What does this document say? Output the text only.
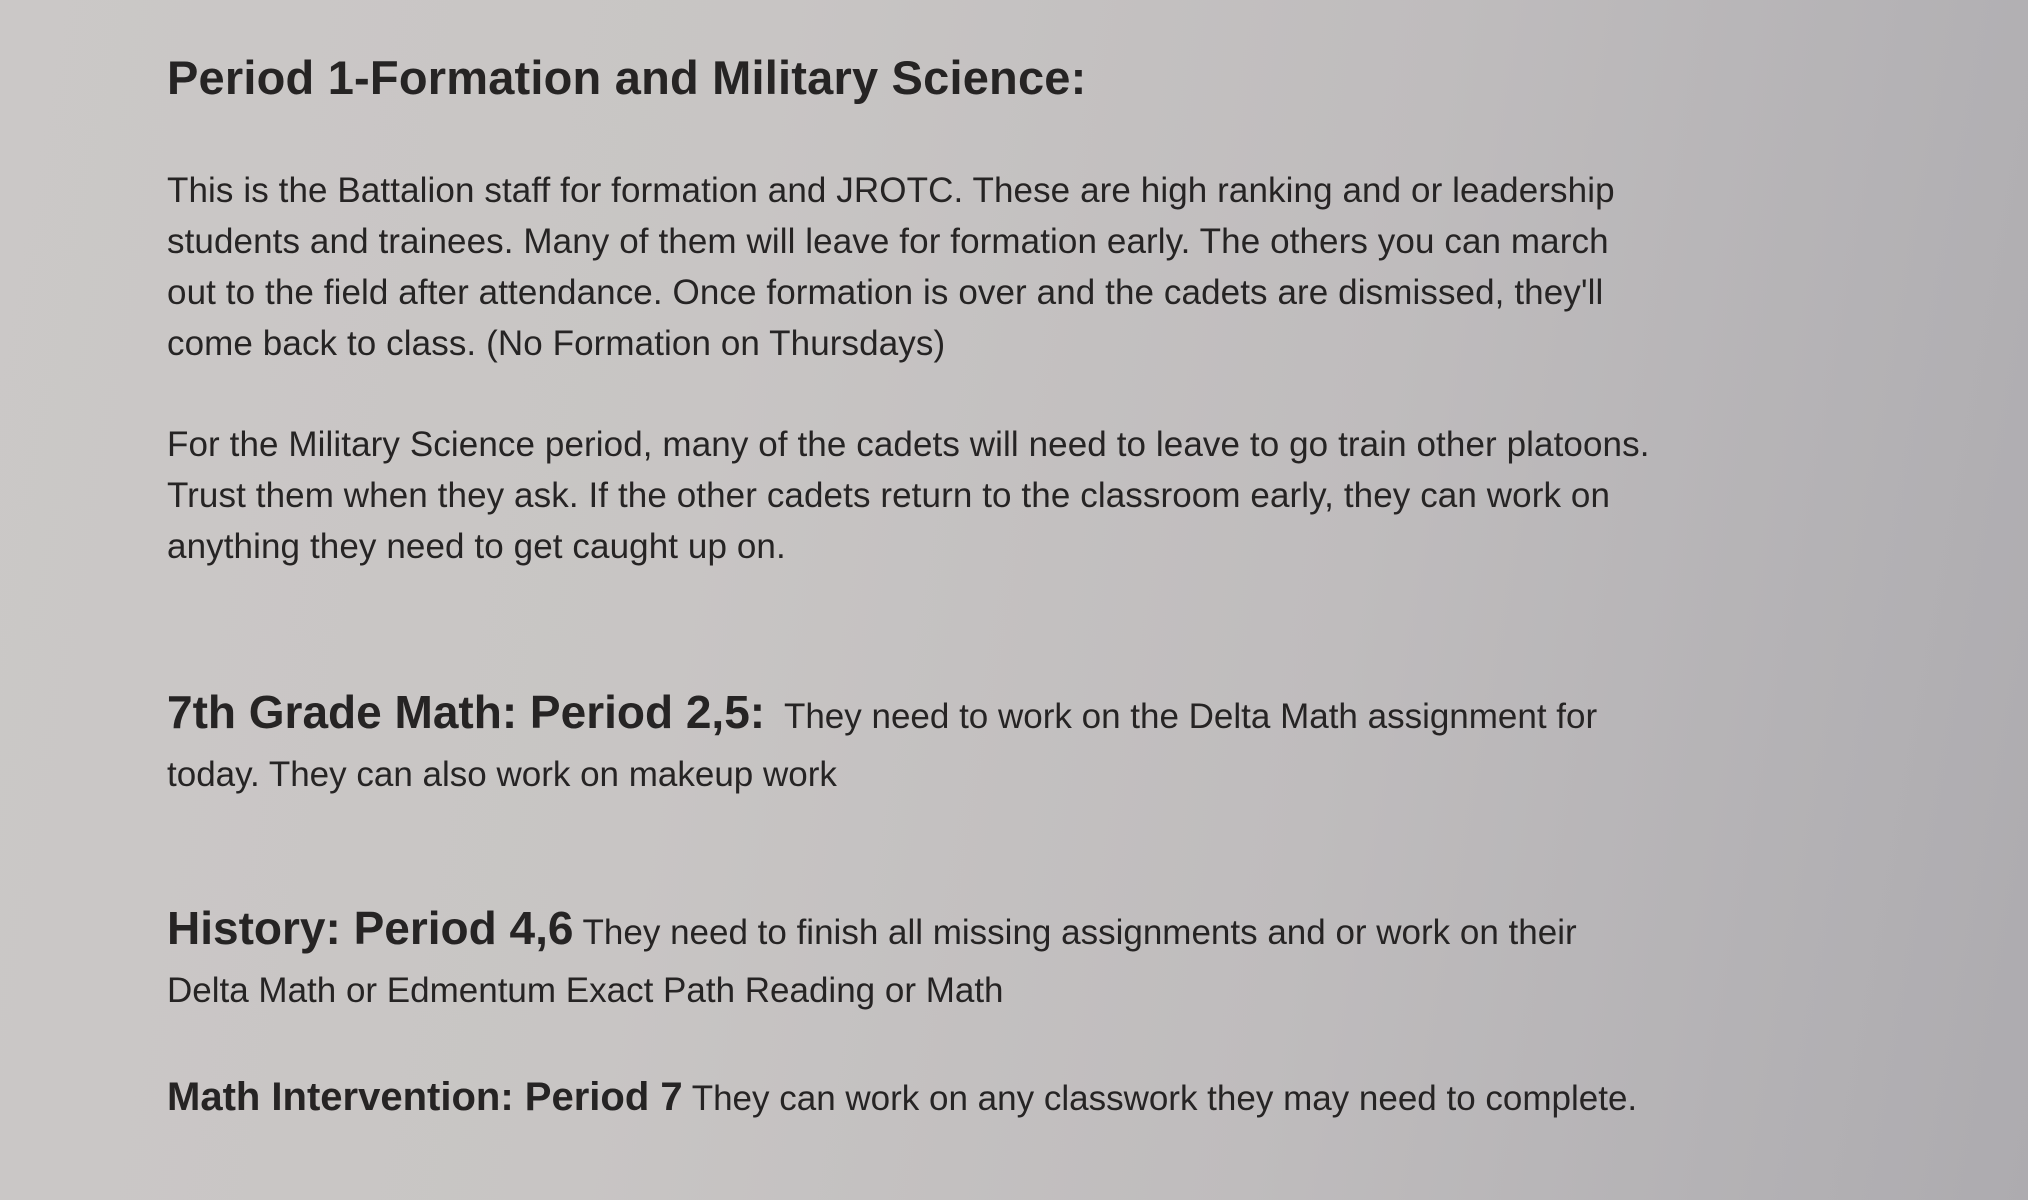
Period 1-Formation and Military Science:

This is the Battalion staff for formation and JROTC. These are high ranking and or leadership
students and trainees. Many of them will leave for formation early. The others you can march
out to the field after attendance. Once formation is over and the cadets are dismissed, they'll
come back to class. (No Formation on Thursdays)

For the Military Science period, many of the cadets will need to leave to go train other platoons.
Trust them when they ask. If the other cadets return to the classroom early, they can work on
anything they need to get caught up on.

7th Grade Math: Period 2,5: They need to work on the Delta Math assignment for
today. They can also work on makeup work

History: Period 4,6 They need to finish all missing assignments and or work on their
Delta Math or Edmentum Exact Path Reading or Math

Math Intervention: Period 7 They can work on any classwork they may need to complete.
